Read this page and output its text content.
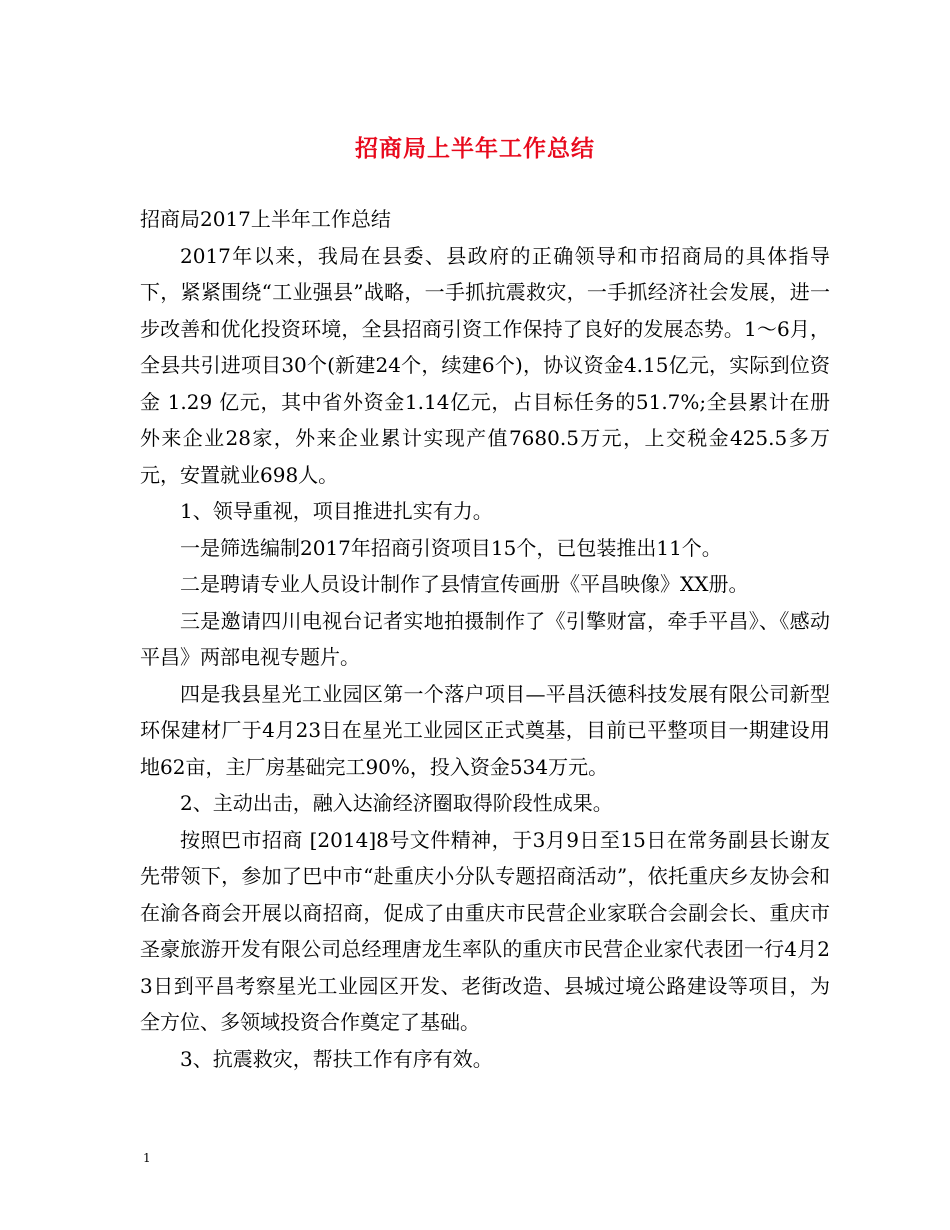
招商局上半年工作总结

招商局2017上半年工作总结

2017年以来，我局在县委、县政府的正确领导和市招商局的具体指导下，紧紧围绕“工业强县”战略，一手抓抗震救灾，一手抓经济社会发展，进一步改善和优化投资环境，全县招商引资工作保持了良好的发展态势。1～6月，全县共引进项目30个(新建24个，续建6个)，协议资金4.15亿元，实际到位资金 1.29 亿元，其中省外资金1.14亿元，占目标任务的51.7%;全县累计在册外来企业28家，外来企业累计实现产值7680.5万元，上交税金425.5多万元，安置就业698人。

1、领导重视，项目推进扎实有力。

一是筛选编制2017年招商引资项目15个，已包装推出11个。

二是聘请专业人员设计制作了县情宣传画册《平昌映像》XX册。

三是邀请四川电视台记者实地拍摄制作了《引擎财富，牵手平昌》、《感动平昌》两部电视专题片。

四是我县星光工业园区第一个落户项目—平昌沃德科技发展有限公司新型环保建材厂于4月23日在星光工业园区正式奠基，目前已平整项目一期建设用地62亩，主厂房基础完工90%，投入资金534万元。

2、主动出击，融入达渝经济圈取得阶段性成果。

按照巴市招商 [2014]8号文件精神，于3月9日至15日在常务副县长谢友先带领下，参加了巴中市“赴重庆小分队专题招商活动”，依托重庆乡友协会和在渝各商会开展以商招商，促成了由重庆市民营企业家联合会副会长、重庆市圣豪旅游开发有限公司总经理唐龙生率队的重庆市民营企业家代表团一行4月23日到平昌考察星光工业园区开发、老街改造、县城过境公路建设等项目，为全方位、多领域投资合作奠定了基础。

3、抗震救灾，帮扶工作有序有效。

1
